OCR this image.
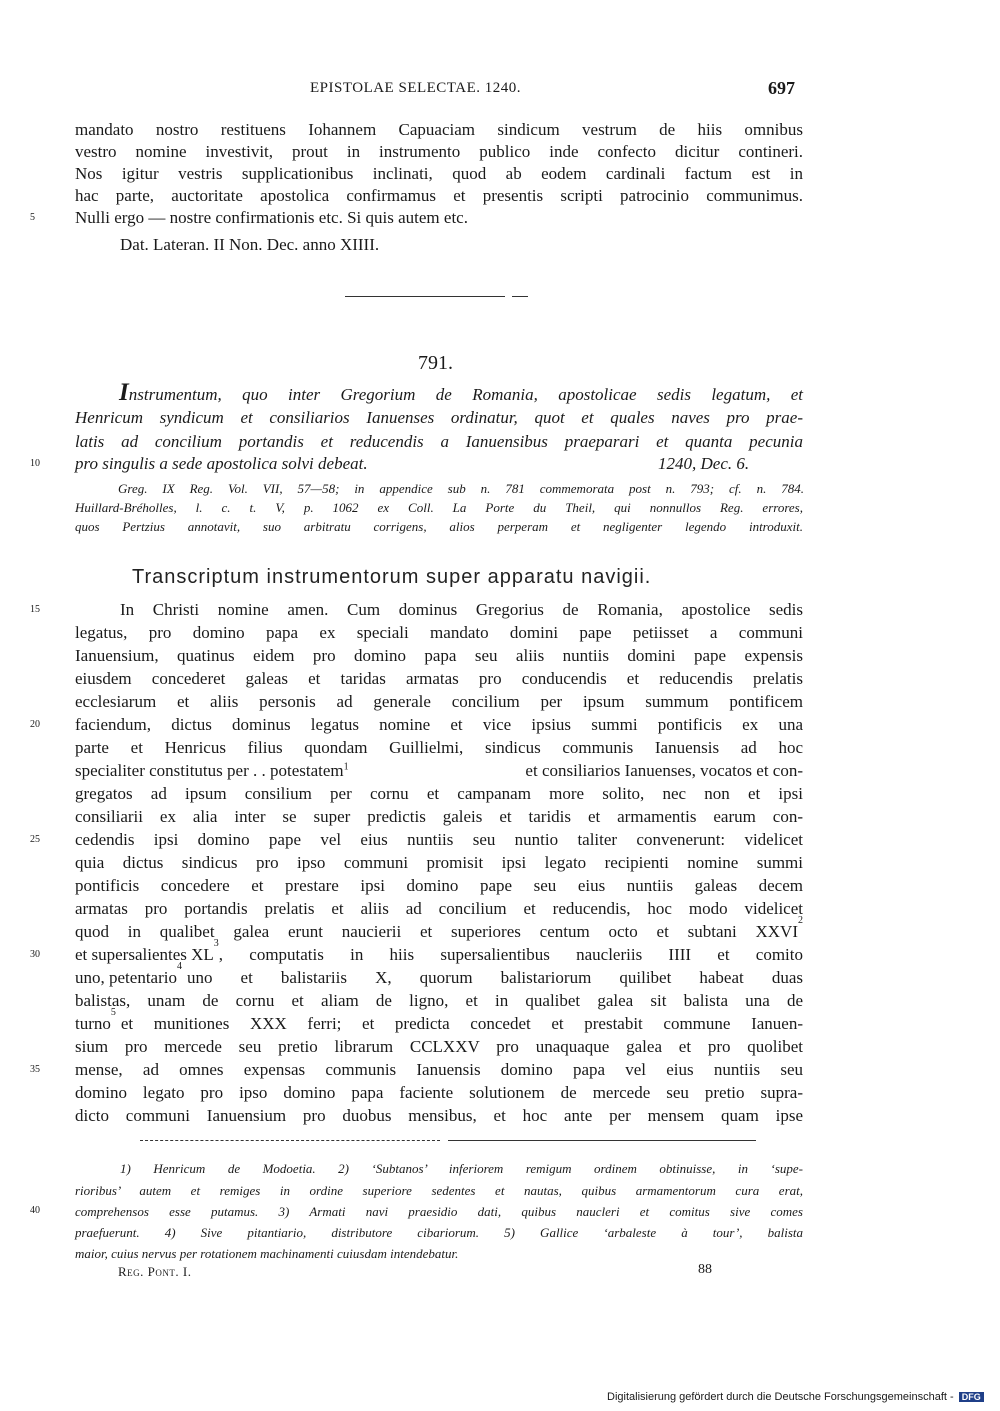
EPISTOLAE SELECTAE. 1240.	697
mandato nostro restituens Iohannem Capuaciam sindicum vestrum de hiis omnibus
vestro nomine investivit, prout in instrumento publico inde confecto dicitur contineri.
Nos igitur vestris supplicationibus inclinati, quod ab eodem cardinali factum est in
hac parte, auctoritate apostolica confirmamus et presentis scripti patrocinio communimus.
5	Nulli ergo — nostre confirmationis etc. Si quis autem etc.
Dat. Lateran. II Non. Dec. anno XIIII.
791.
Instrumentum, quo inter Gregorium de Romania, apostolicae sedis legatum, et
Henricum syndicum et consiliarios Ianuenses ordinatur, quot et quales naves pro prae-
latis ad concilium portandis et reducendis a Ianuensibus praeparari et quanta pecunia
10	pro singulis a sede apostolica solvi debeat.	1240, Dec. 6.
Greg. IX Reg. Vol. VII, 57—58; in appendice sub n. 781 commemorata post n. 793; cf. n. 784.
Huillard-Bréholles, l. c. t. V, p. 1062 ex Coll. La Porte du Theil, qui nonnullos Reg. errores,
quos Pertzius annotavit, suo arbitratu corrigens, alios perperam et negligenter legendo introduxit.
Transcriptum instrumentorum super apparatu navigii.
15	In Christi nomine amen. Cum dominus Gregorius de Romania, apostolice sedis
legatus, pro domino papa ex speciali mandato domini pape petiisset a communi
Ianuensium, quatinus eidem pro domino papa seu aliis nuntiis domini pape expensis
eiusdem concederet galeas et taridas armatas pro conducendis et reducendis prelatis
ecclesiarum et aliis personis ad generale concilium per ipsum summum pontificem
20	faciendum, dictus dominus legatus nomine et vice ipsius summi pontificis ex una
parte et Henricus filius quondam Guillielmi, sindicus communis Ianuensis ad hoc
specialiter constitutus per . . potestatem$^1$	et consiliarios Ianuenses, vocatos et con-
gregatos ad ipsum consilium per cornu et campanam more solito, nec non et ipsi
consiliarii ex alia inter se super predictis galeis et taridis et armamentis earum con-
25	cedendis ipsi domino pape vel eius nuntiis seu nuntio taliter convenerunt: videlicet
quia dictus sindicus pro ipso communi promisit ipsi legato recipienti nomine summi
pontificis concedere et prestare ipsi domino pape seu eius nuntiis galeas decem
armatas pro portandis prelatis et aliis ad concilium et reducendis, hoc modo videlicet
quod in qualibet galea erunt naucierii et superiores centum octo et subtani XXVI
2
30	et supersalientes XL
3
, computatis in hiis supersalientibus naucleriis IIII et comito
uno, petentario
4
uno et balistariis X, quorum balistariorum quilibet habeat duas
balistas, unam de cornu et aliam de ligno, et in qualibet galea sit balista una de
turno
5
et munitiones XXX ferri; et predicta concedet et prestabit commune Ianuen-
sium pro mercede seu pretio librarum CCLXXV pro unaquaque galea et pro quolibet
35	mense, ad omnes expensas communis Ianuensis domino papa vel eius nuntiis seu
domino legato pro ipso domino papa faciente solutionem de mercede seu pretio supra-
dicto communi Ianuensium pro duobus mensibus, et hoc ante per mensem quam ipse
1) Henricum de Modoetia. 2) ‘Subtanos’ inferiorem remigum ordinem obtinuisse, in ‘supe-
rioribus’ autem et remiges in ordine superiore sedentes et nautas, quibus armamentorum cura erat,
40	comprehensos esse putamus. 3) Armati navi praesidio dati, quibus naucleri et comitus sive comes
praefuerunt. 4) Sive pitantiario, distributore cibariorum. 5) Gallice ‘arbaleste à tour’, balista
maior, cuius nervus per rotationem machinamenti cuiusdam intendebatur.
Reg. Pont. I.	88
Digitalisierung gefördert durch die Deutsche Forschungsgemeinschaft - DFG
